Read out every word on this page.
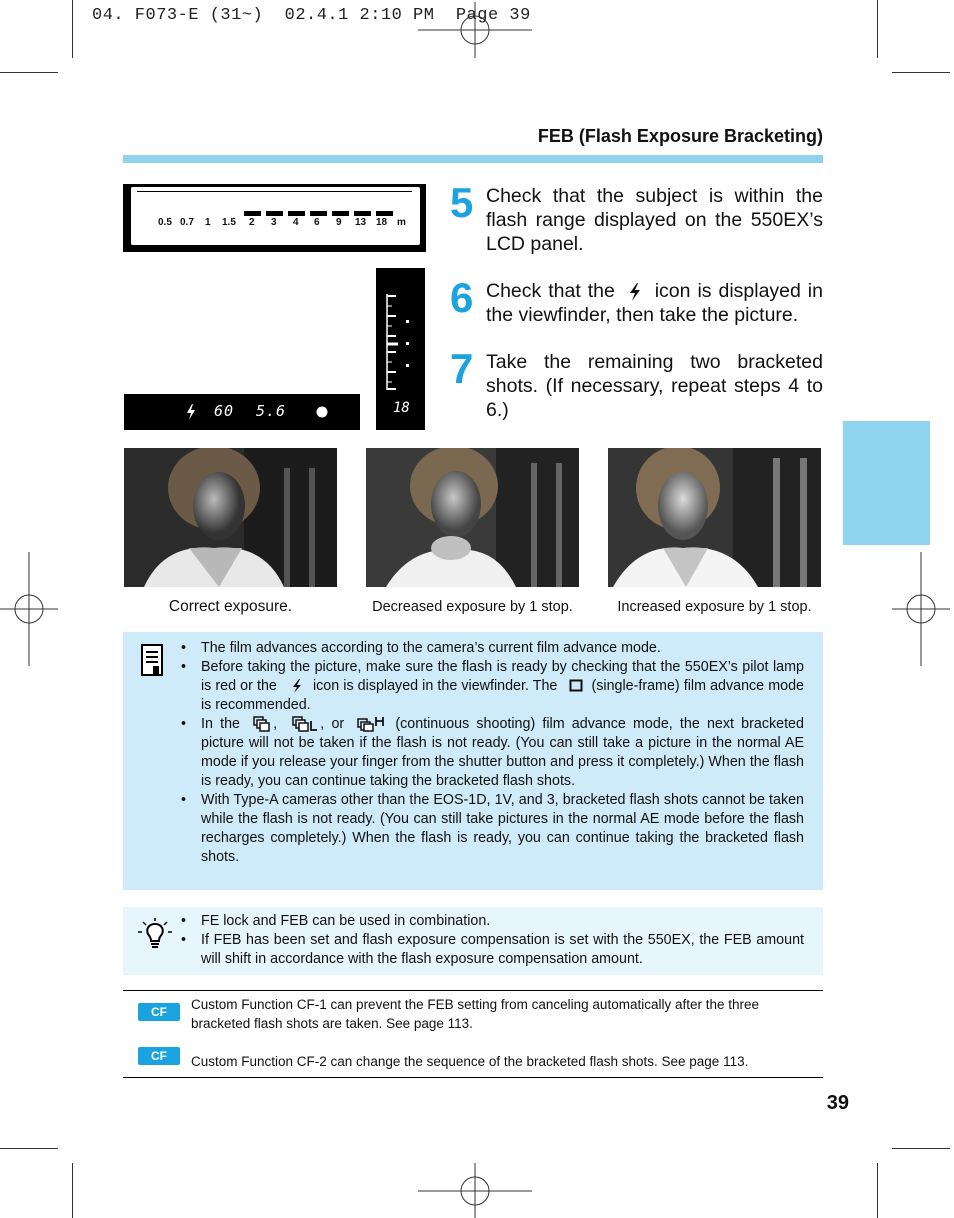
04. F073-E (31~)  02.4.1 2:10 PM  Page 39
FEB (Flash Exposure Bracketing)
0.5 0.7 1 1.5 2 3 4 6 9 13 18 m
60 5.6	18
5 Check that the subject is within the flash range displayed on the 550EX’s LCD panel.
6 Check that the icon is displayed in the viewfinder, then take the picture.
7 Take the remaining two bracketed shots. (If necessary, repeat steps 4 to 6.)
Correct exposure.	Decreased exposure by 1 stop.	Increased exposure by 1 stop.
• The film advances according to the camera’s current film advance mode.
• Before taking the picture, make sure the flash is ready by checking that the 550EX’s pilot lamp is red or the	icon is displayed in the viewfinder. The (single-frame) film advance mode is recommended.
• In the ,	, or	(continuous shooting) film advance mode, the next bracketed picture will not be taken if the flash is not ready. (You can still take a picture in the normal AE mode if you release your finger from the shutter button and press it completely.) When the flash is ready, you can continue taking the bracketed flash shots.
• With Type-A cameras other than the EOS-1D, 1V, and 3, bracketed flash shots cannot be taken while the flash is not ready. (You can still take pictures in the normal AE mode before the flash recharges completely.) When the flash is ready, you can continue taking the bracketed flash shots.
• FE lock and FEB can be used in combination.
• If FEB has been set and flash exposure compensation is set with the 550EX, the FEB amount will shift in accordance with the flash exposure compensation amount.
CF	Custom Function CF-1 can prevent the FEB setting from canceling automatically after the three bracketed flash shots are taken. See page 113.
CF	Custom Function CF-2 can change the sequence of the bracketed flash shots. See page 113.
39
